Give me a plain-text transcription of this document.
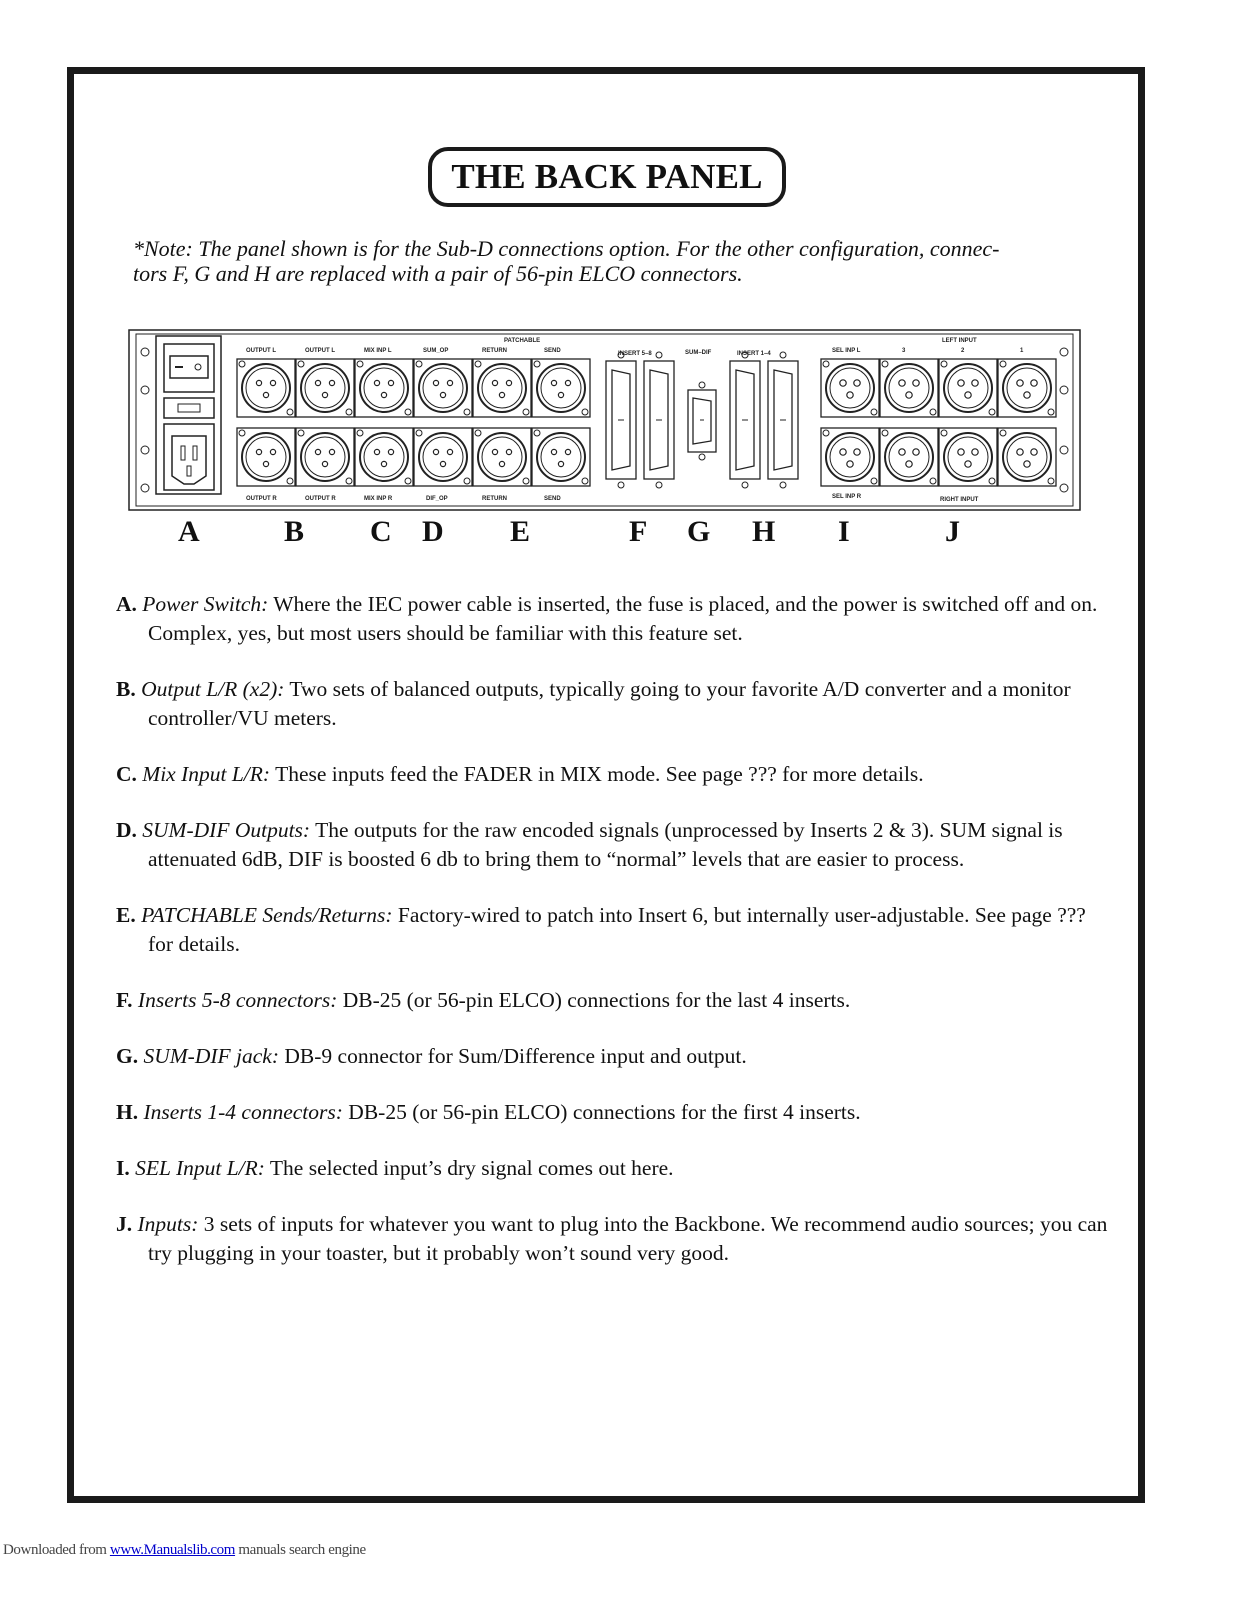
THE BACK PANEL
*Note: The panel shown is for the Sub-D connections option. For the other configuration, connec-
tors F, G and H are replaced with a pair of 56-pin ELCO connectors.
OUTPUT L	OUTPUT L	MIX INP L	SUM_OP
PATCHABLE
RETURN	SEND
OUTPUT R	OUTPUT R	MIX INP R	DIF_OP	RETURN	SEND
INSERT 5–8	SUM–DIF	INSERT 1–4	SEL INP L
LEFT INPUT
3	2	1
SEL INP R	RIGHT INPUT
A	B C D E	F G H I	J
A. Power Switch: Where the IEC power cable is inserted, the fuse is placed, and the power is switched off and on. Complex, yes, but most users should be familiar with this feature set.
B. Output L/R (x2): Two sets of balanced outputs, typically going to your favorite A/D converter and a monitor controller/VU meters.
C. Mix Input L/R: These inputs feed the FADER in MIX mode. See page ??? for more details.
D. SUM-DIF Outputs: The outputs for the raw encoded signals (unprocessed by Inserts 2 & 3). SUM signal is attenuated 6dB, DIF is boosted 6 db to bring them to “normal” levels that are easier to process.
E. PATCHABLE Sends/Returns: Factory-wired to patch into Insert 6, but internally user-adjustable. See page ??? for details.
F. Inserts 5-8 connectors: DB-25 (or 56-pin ELCO) connections for the last 4 inserts.
G. SUM-DIF jack: DB-9 connector for Sum/Difference input and output.
H. Inserts 1-4 connectors: DB-25 (or 56-pin ELCO) connections for the first 4 inserts.
I. SEL Input L/R: The selected input’s dry signal comes out here.
J. Inputs: 3 sets of inputs for whatever you want to plug into the Backbone. We recommend audio sources; you can try plugging in your toaster, but it probably won’t sound very good.
Downloaded from www.Manualslib.com manuals search engine
